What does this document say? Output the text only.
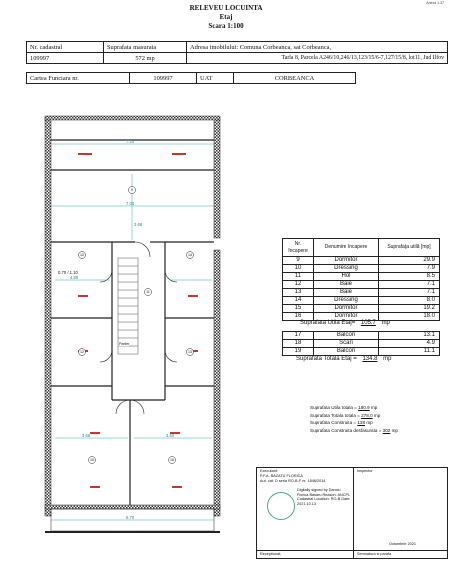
Anexa 1.37
RELEVEU LOCUINTA
Etaj
Scara 1:100
Nr. cadastral	Suprafata masurata	Adresa imobilului: Comuna Corbeanca, sat Corbeanca,
109997	572 mp	Tarla 8, Parcela A246/10,246/13,123/15/6-7,127/15/8, lot11, Jud Ilfov
Cartea Funciara nr.	109997	UAT	CORBEANCA
7.20
7.00
3.68
4.89
3.68	3.50
6.70
0.70 / 1.10
Parter
Nr. încapere	Denumire încapere	Suprafaţa utilă [mp]
9	Dormitor	29.9
10	Dressing	7.9
11	Hol	8.5
12	Baie	7.1
13	Baie	7.1
14	Dressing	8.0
15	Dormitor	19.2
16	Dormitor	18.0
Suprafata Utila Etaj= 105.7 mp
17	Balcon	13.1
18	Scari	4.9
19	Balcon	11.1
Suprafata Totala Etaj = 134.8 mp
Suprafata Utila totala = 180.9 mp
Suprafata Totala totala = 278.0 mp
Suprafata Construita = 138 mp
Suprafata Construita desfasurata = 302 mp
Executant:
P.F.A. BAZATU FLORICA
Aut. cat. D seria RO-B-F nr. 1848/2014
Digitally signed by Danciu Florica Basaru Reason: ANCPL Cadastral Location: RO-B Date: 2021.10.13
Inspector
Octombrie 2021
Receptionat,	Semnatura si parafa
9
10
11
12	13
14
15	16
